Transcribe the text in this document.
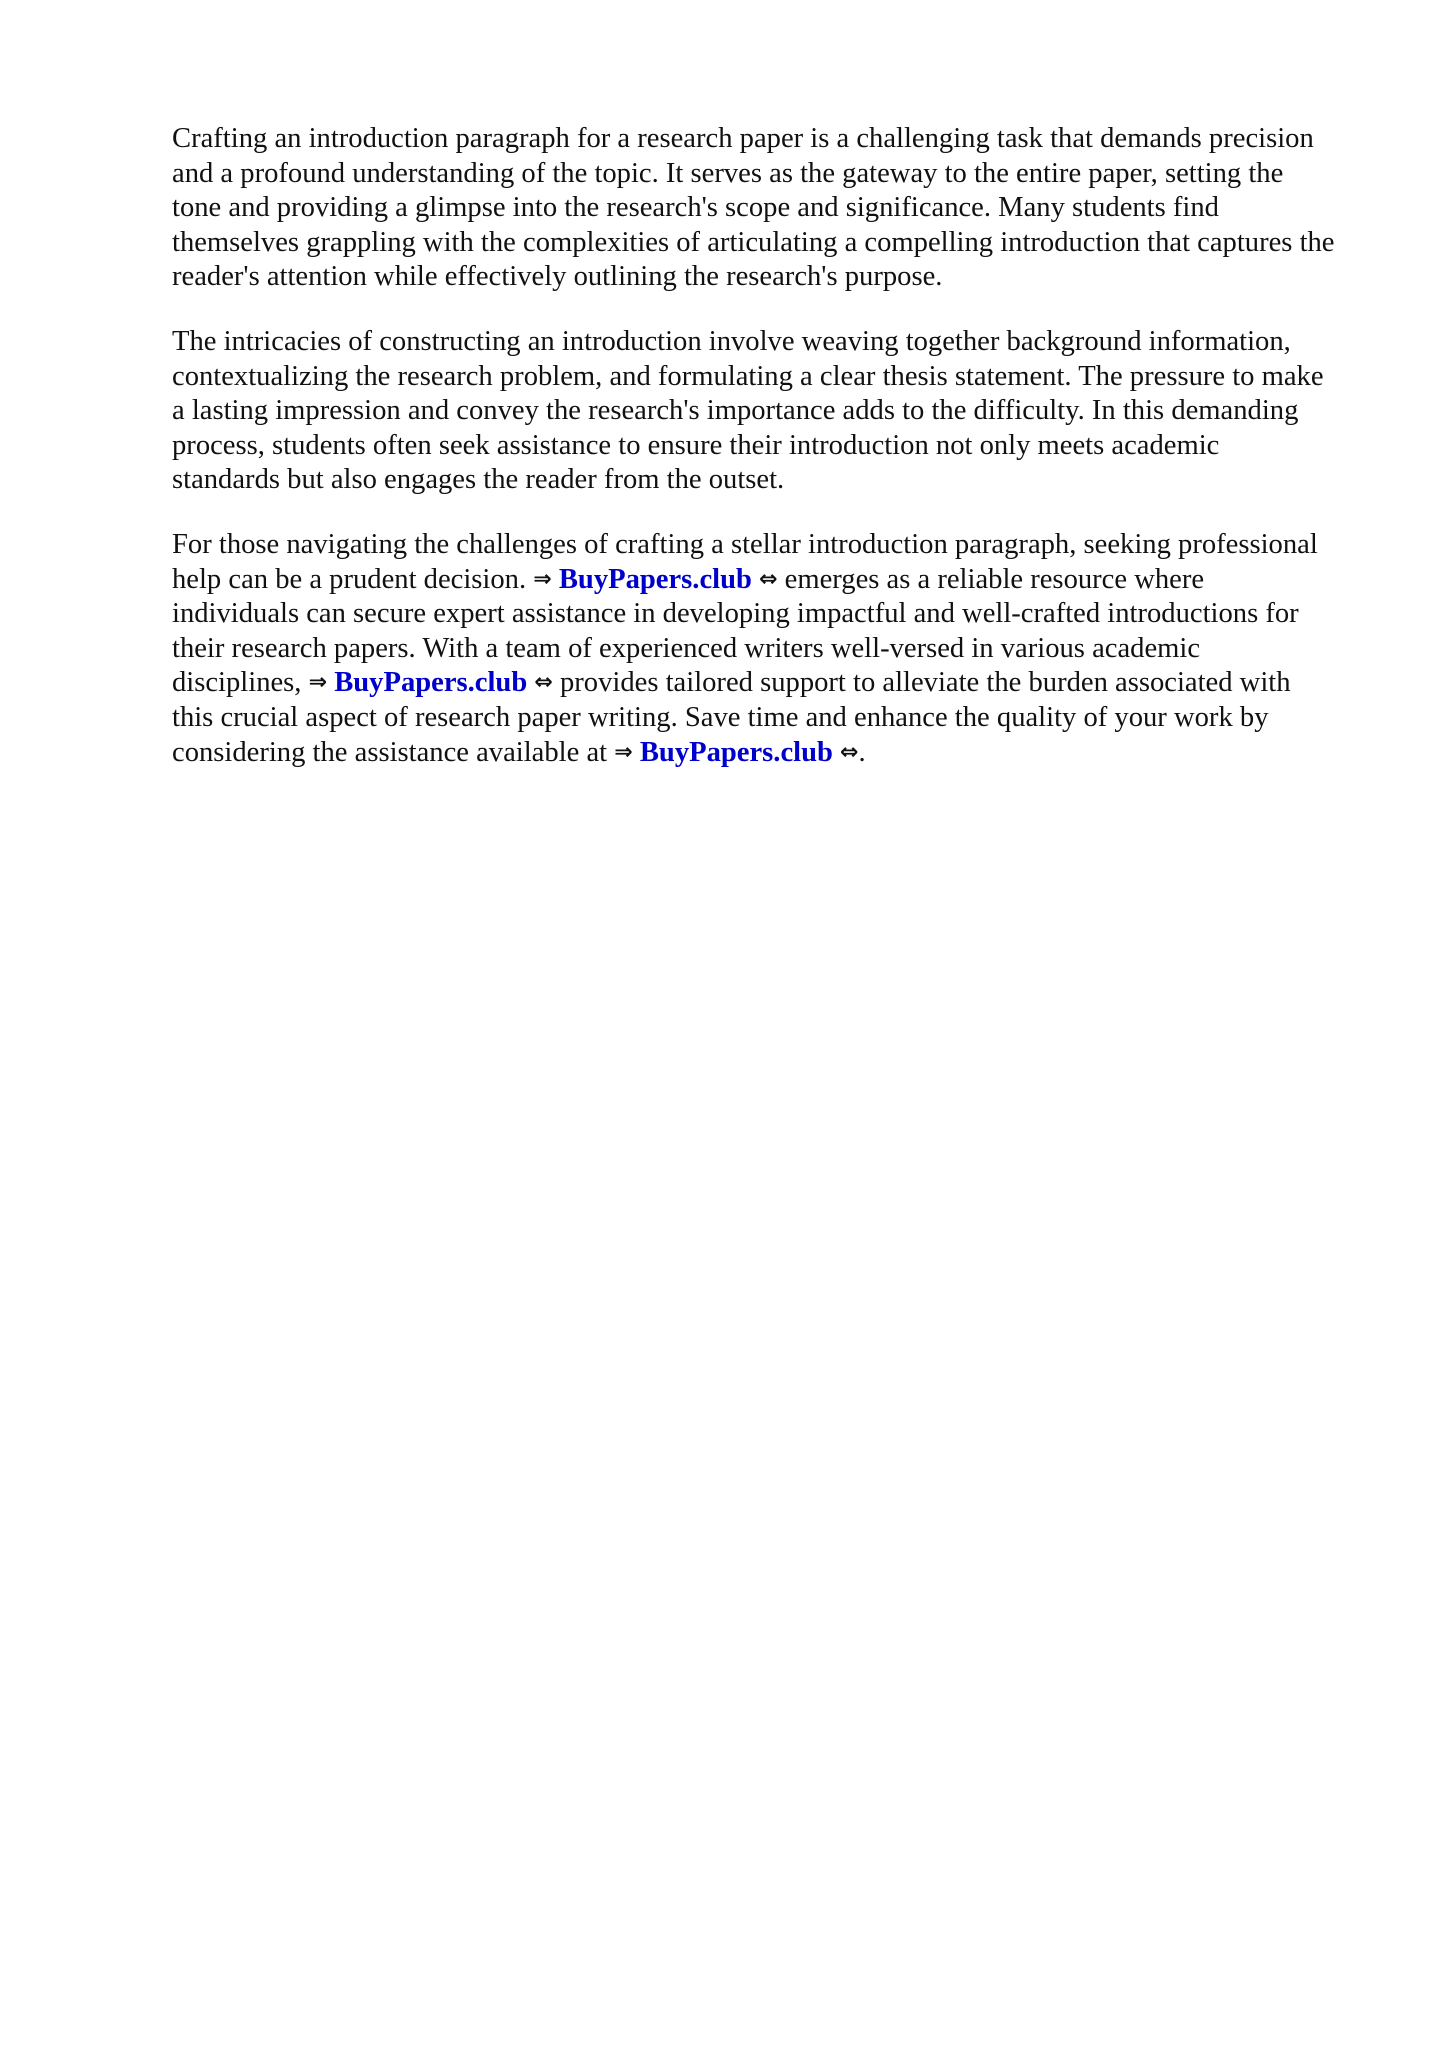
Crafting an introduction paragraph for a research paper is a challenging task that demands precision
and a profound understanding of the topic. It serves as the gateway to the entire paper, setting the
tone and providing a glimpse into the research's scope and significance. Many students find
themselves grappling with the complexities of articulating a compelling introduction that captures the
reader's attention while effectively outlining the research's purpose.

The intricacies of constructing an introduction involve weaving together background information,
contextualizing the research problem, and formulating a clear thesis statement. The pressure to make
a lasting impression and convey the research's importance adds to the difficulty. In this demanding
process, students often seek assistance to ensure their introduction not only meets academic
standards but also engages the reader from the outset.

For those navigating the challenges of crafting a stellar introduction paragraph, seeking professional
help can be a prudent decision. ⇒ BuyPapers.club ⇔ emerges as a reliable resource where
individuals can secure expert assistance in developing impactful and well-crafted introductions for
their research papers. With a team of experienced writers well-versed in various academic
disciplines, ⇒ BuyPapers.club ⇔ provides tailored support to alleviate the burden associated with
this crucial aspect of research paper writing. Save time and enhance the quality of your work by
considering the assistance available at ⇒ BuyPapers.club ⇔.
